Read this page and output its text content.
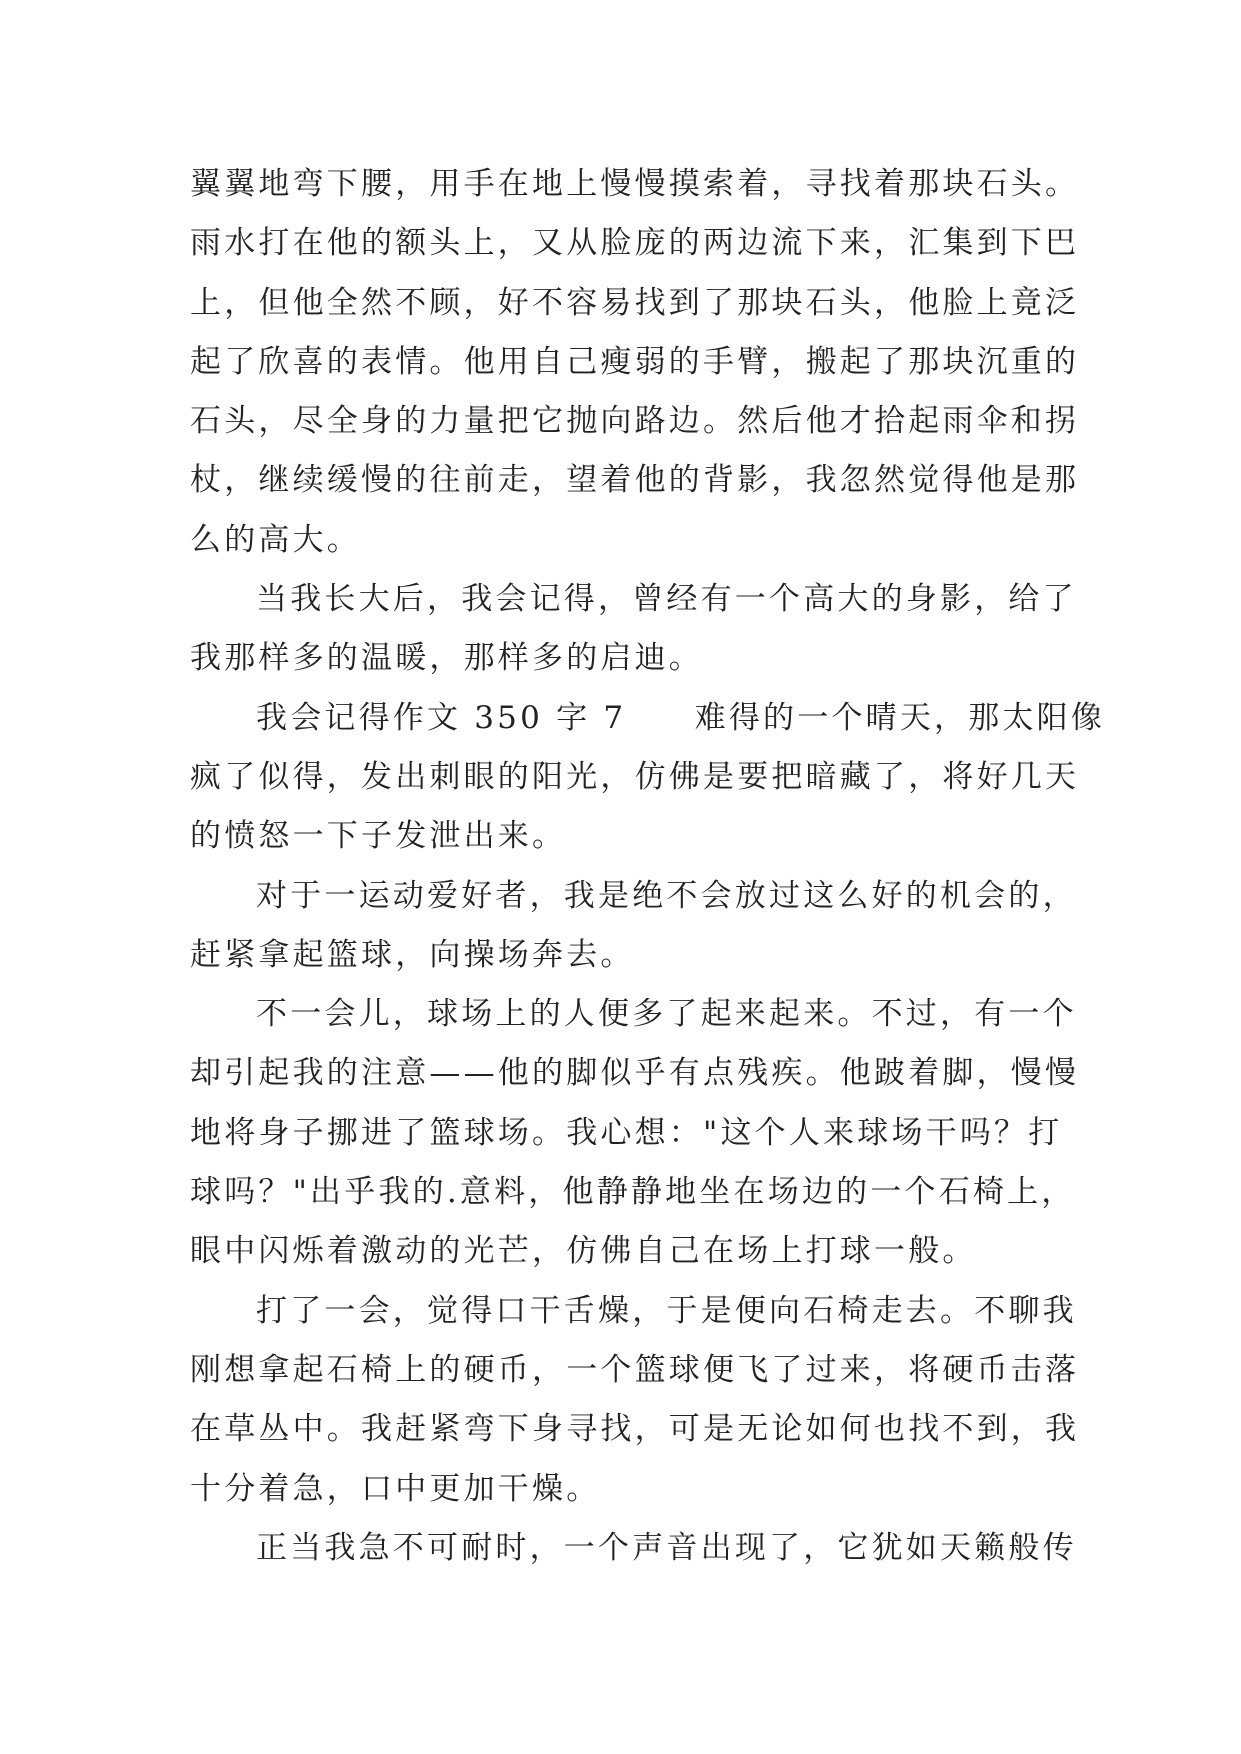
翼翼地弯下腰，用手在地上慢慢摸索着，寻找着那块石头。
雨水打在他的额头上，又从脸庞的两边流下来，汇集到下巴
上，但他全然不顾，好不容易找到了那块石头，他脸上竟泛
起了欣喜的表情。他用自己瘦弱的手臂，搬起了那块沉重的
石头，尽全身的力量把它抛向路边。然后他才拾起雨伞和拐
杖，继续缓慢的往前走，望着他的背影，我忽然觉得他是那
么的高大。
当我长大后，我会记得，曾经有一个高大的身影，给了
我那样多的温暖，那样多的启迪。
我会记得作文 350 字 7　　难得的一个晴天，那太阳像
疯了似得，发出刺眼的阳光，仿佛是要把暗藏了，将好几天
的愤怒一下子发泄出来。
对于一运动爱好者，我是绝不会放过这么好的机会的，
赶紧拿起篮球，向操场奔去。
不一会儿，球场上的人便多了起来起来。不过，有一个
却引起我的注意——他的脚似乎有点残疾。他跛着脚，慢慢
地将身子挪进了篮球场。我心想："这个人来球场干吗？打
球吗？"出乎我的.意料，他静静地坐在场边的一个石椅上，
眼中闪烁着激动的光芒，仿佛自己在场上打球一般。
打了一会，觉得口干舌燥，于是便向石椅走去。不聊我
刚想拿起石椅上的硬币，一个篮球便飞了过来，将硬币击落
在草丛中。我赶紧弯下身寻找，可是无论如何也找不到，我
十分着急，口中更加干燥。
正当我急不可耐时，一个声音出现了，它犹如天籁般传
